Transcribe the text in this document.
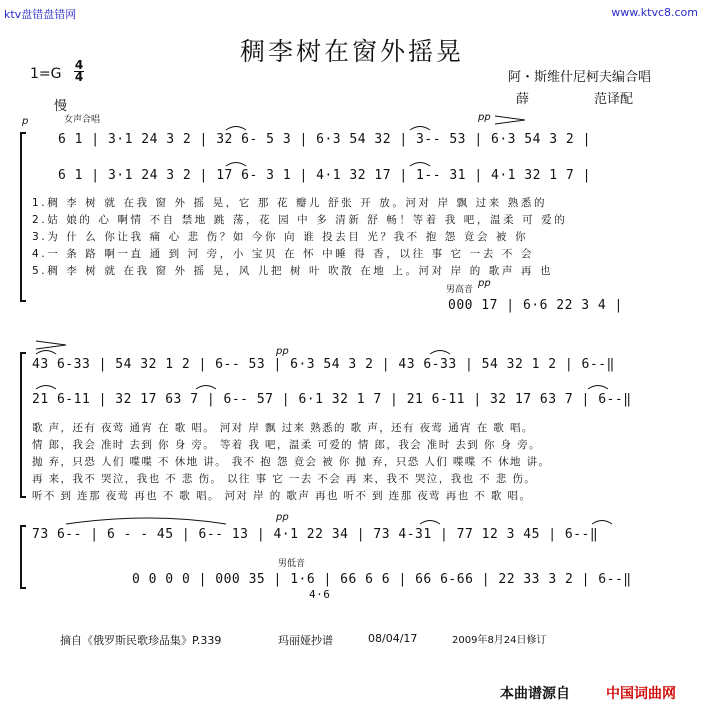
ktv盘错盘错网	www.ktvc8.com
稠李树在窗外摇晃
1=G
4
4
慢
女声合唱
p
阿・斯维什尼柯夫编合唱
薛	范译配
pp
6 1 | 3·1 24 3 2 | 32 6- 5 3 | 6·3 54 32 | 3-- 53 | 6·3 54 3 2 |
6 1 | 3·1 24 3 2 | 17 6- 3 1 | 4·1 32 17 | 1-- 31 | 4·1 32 1 7 |
1.稠 李 树 就 在我 窗 外 摇 晃，它 那 花 瓣儿 舒张 开 放。河对 岸 飘 过来 熟悉的
2.姑 娘的 心 啊情 不自 禁地 跳 荡，花 园 中 多 清新 舒 畅！等着 我 吧，温柔 可 爱的
3.为 什 么 你让我 痛 心 悲 伤？如 今你 向 谁 投去目 光？我不 抱 怨 竟会 被 你
4.一 条 路 啊一直 通 到 河 旁，小 宝贝 在 怀 中睡 得 香，以往 事 它 一去 不 会
5.稠 李 树 就 在我 窗 外 摇 晃，风 儿把 树 叶 吹散 在地 上。河对 岸 的 歌声 再 也
男高音
pp
000 17 | 6·6 22 3 4 |
pp
43 6-33 | 54 32 1 2 | 6-- 53 | 6·3 54 3 2 | 43 6-33 | 54 32 1 2 | 6--‖
21 6-11 | 32 17 63 7 | 6-- 57 | 6·1 32 1 7 | 21 6-11 | 32 17 63 7 | 6--‖
歌 声，还有 夜莺 通宵 在 歌 唱。 河对 岸 飘 过来 熟悉的 歌 声，还有 夜莺 通宵 在 歌 唱。
情 郎，我会 准时 去到 你 身 旁。 等着 我 吧，温柔 可爱的 情 郎，我会 准时 去到 你 身 旁。
抛 弃，只恐 人们 喋喋 不 休地 讲。 我不 抱 怨 竟会 被 你 抛 弃，只恐 人们 喋喋 不 休地 讲。
再 来，我不 哭泣，我也 不 悲 伤。 以往 事 它 一去 不会 再 来，我不 哭泣，我也 不 悲 伤。
听不 到 连那 夜莺 再也 不 歌 唱。 河对 岸 的 歌声 再也 听不 到 连那 夜莺 再也 不 歌 唱。
pp
73 6-- | 6 - - 45 | 6-- 13 | 4·1 22 34 | 73 4-31 | 77 12 3 45 | 6--‖
男低音
0 0 0 0 | 000 35 | 1·6 | 66 6 6 | 66 6-66 | 22 33 3 2 | 6--‖
4·6
摘自《俄罗斯民歌珍品集》P.339	玛丽娅抄谱	08/04/17	2009年8月24日修订
本曲谱源自	中国词曲网
